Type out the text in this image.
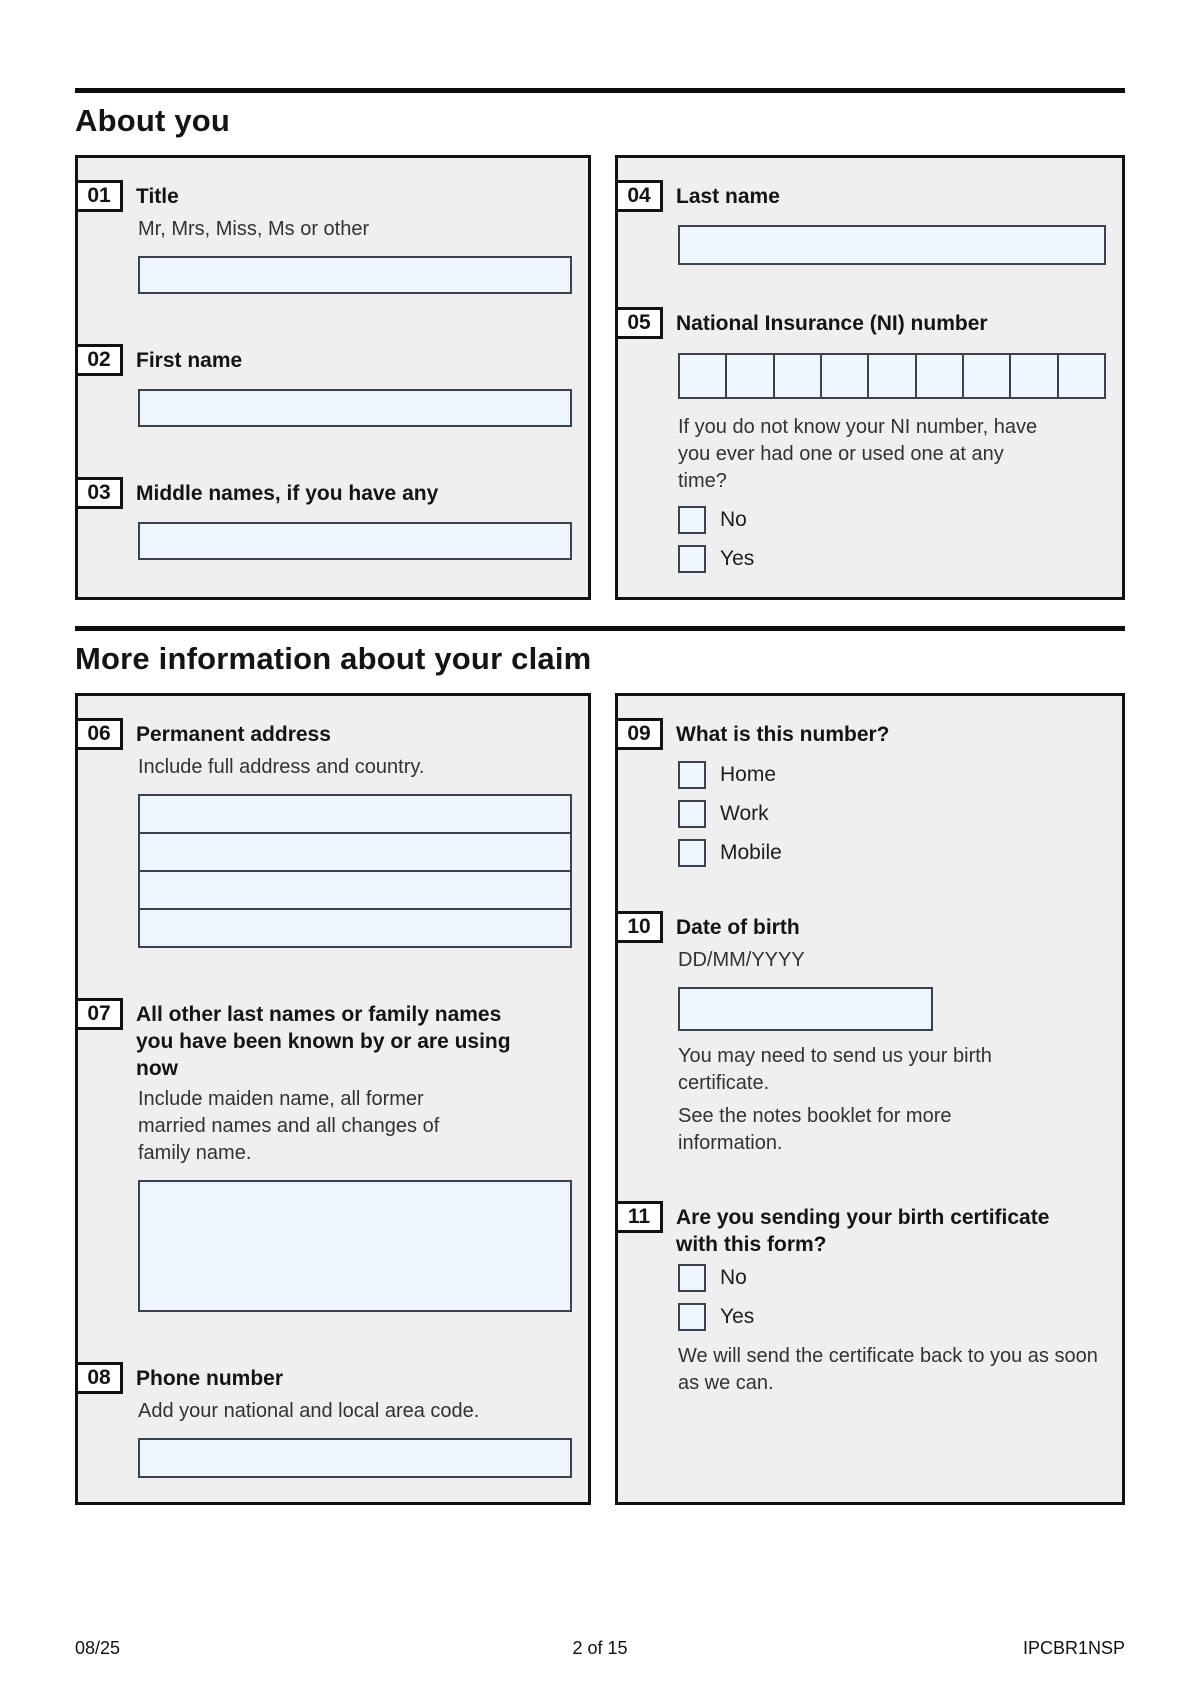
About you
01	Title

Mr, Mrs, Miss, Ms or other

02	First name
03	Middle names, if you have any
04	Last name
05	National Insurance (NI) number

If you do not know your NI number, have you ever had one or used one at any time?

No
Yes
More information about your claim
06	Permanent address

Include full address and country.

07	All other last names or family names you have been known by or are using now

Include maiden name, all former married names and all changes of family name.

08	Phone number

Add your national and local area code.

09	What is this number?
Home
Work
Mobile
10	Date of birth

DD/MM/YYYY

You may need to send us your birth certificate.

See the notes booklet for more information.

11	Are you sending your birth certificate with this form?
No
Yes

We will send the certificate back to you as soon as we can.

08/25	2 of 15	IPCBR1NSP
